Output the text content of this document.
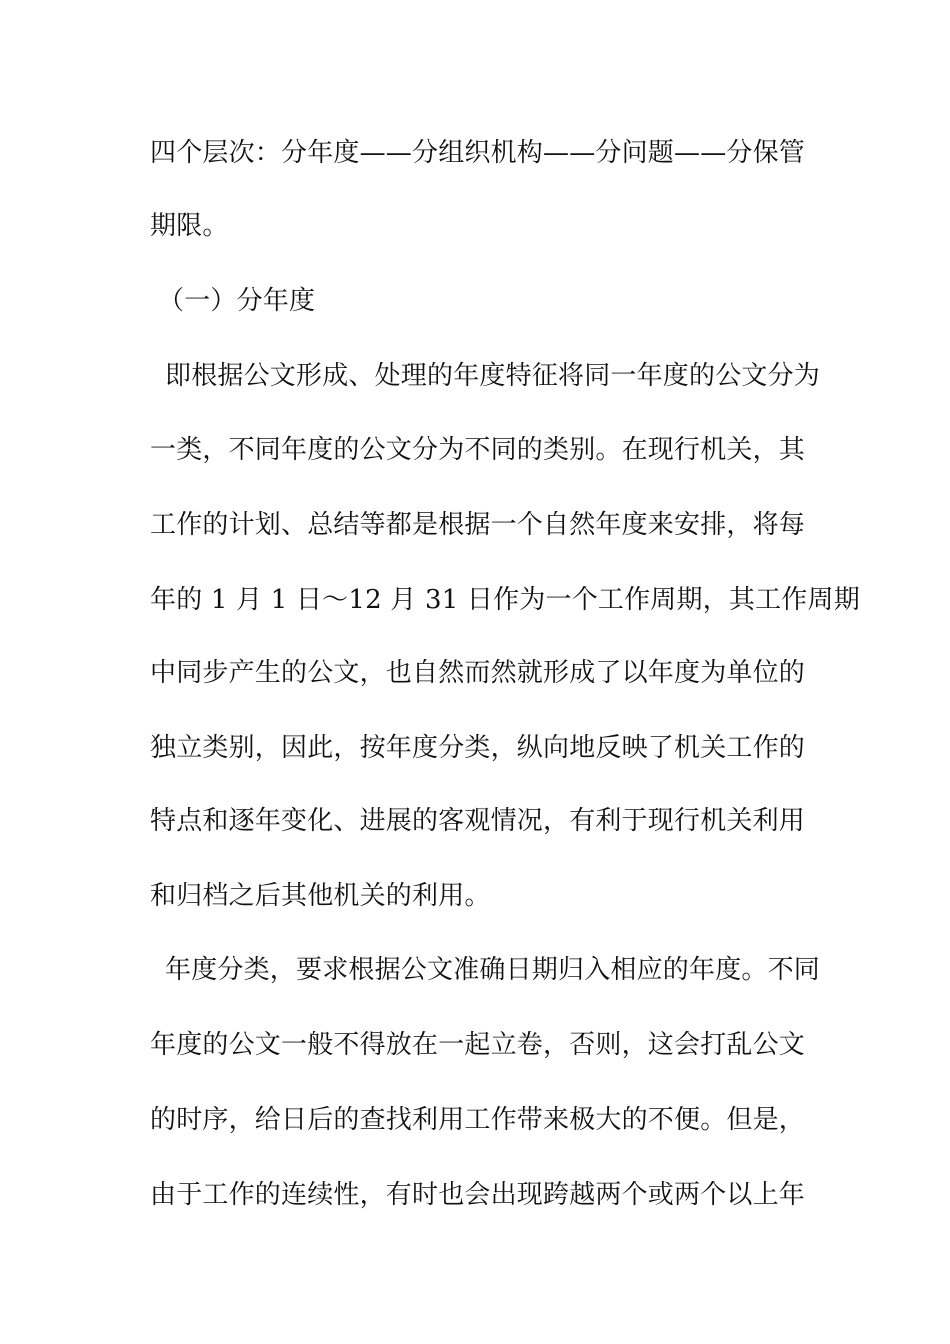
四个层次：分年度——分组织机构——分问题——分保管
期限。
（一）分年度
即根据公文形成、处理的年度特征将同一年度的公文分为
一类，不同年度的公文分为不同的类别。在现行机关，其
工作的计划、总结等都是根据一个自然年度来安排，将每
年的 1 月 1 日～12 月 31 日作为一个工作周期，其工作周期
中同步产生的公文，也自然而然就形成了以年度为单位的
独立类别，因此，按年度分类，纵向地反映了机关工作的
特点和逐年变化、进展的客观情况，有利于现行机关利用
和归档之后其他机关的利用。
年度分类，要求根据公文准确日期归入相应的年度。不同
年度的公文一般不得放在一起立卷，否则，这会打乱公文
的时序，给日后的查找利用工作带来极大的不便。但是，
由于工作的连续性，有时也会出现跨越两个或两个以上年
